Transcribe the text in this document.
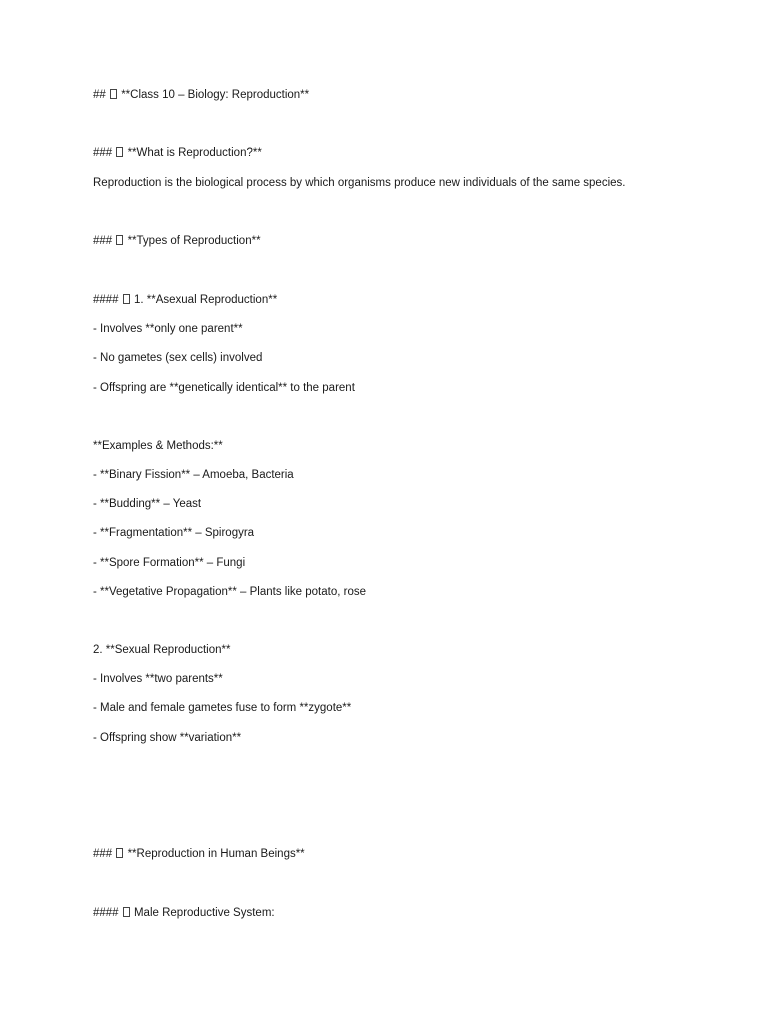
##  **Class 10 – Biology: Reproduction**
###  **What is Reproduction?**
Reproduction is the biological process by which organisms produce new individuals of the same species.
###  **Types of Reproduction**
####  1. **Asexual Reproduction**
- Involves **only one parent**
- No gametes (sex cells) involved
- Offspring are **genetically identical** to the parent
**Examples & Methods:**
- **Binary Fission** – Amoeba, Bacteria
- **Budding** – Yeast
- **Fragmentation** – Spirogyra
- **Spore Formation** – Fungi
- **Vegetative Propagation** – Plants like potato, rose
2. **Sexual Reproduction**
- Involves **two parents**
- Male and female gametes fuse to form **zygote**
- Offspring show **variation**
###  **Reproduction in Human Beings**
####  Male Reproductive System:
